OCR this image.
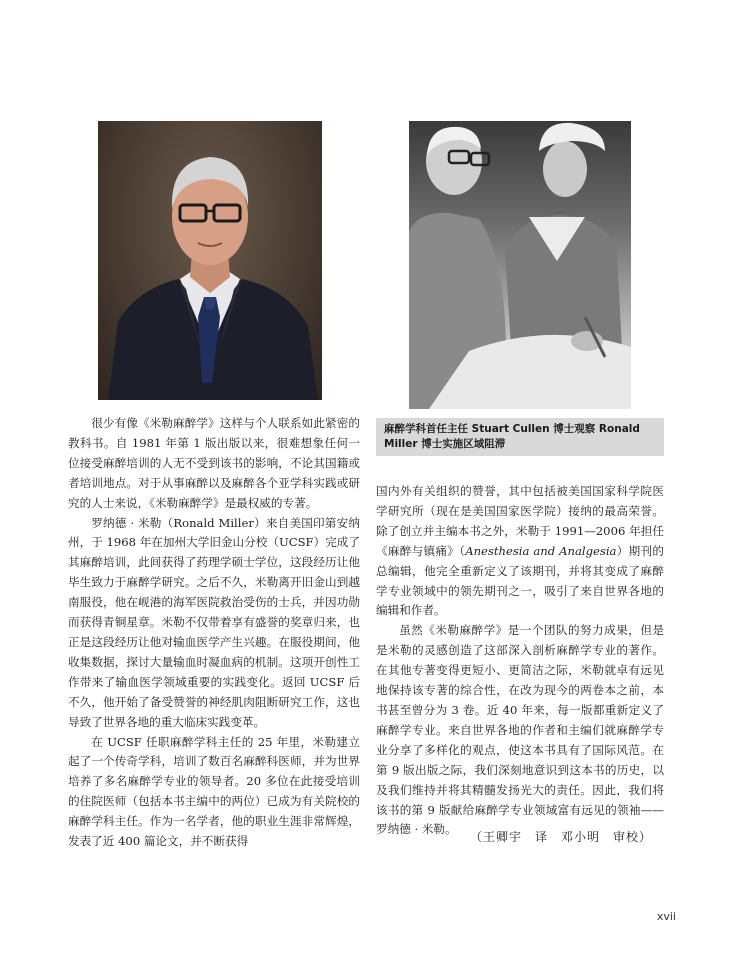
麻醉学科首任主任 Stuart Cullen 博士观察 Ronald Miller 博士实施区域阻滞

很少有像《米勒麻醉学》这样与个人联系如此紧密的教科书。自 1981 年第 1 版出版以来，很难想象任何一位接受麻醉培训的人无不受到该书的影响，不论其国籍或者培训地点。对于从事麻醉以及麻醉各个亚学科实践或研究的人士来说，《米勒麻醉学》是最权威的专著。

罗纳德 · 米勒（Ronald Miller）来自美国印第安纳州，于 1968 年在加州大学旧金山分校（UCSF）完成了其麻醉培训，此间获得了药理学硕士学位，这段经历让他毕生致力于麻醉学研究。之后不久，米勒离开旧金山到越南服役，他在岘港的海军医院救治受伤的士兵，并因功勋而获得青铜星章。米勒不仅带着享有盛誉的奖章归来，也正是这段经历让他对输血医学产生兴趣。在服役期间，他收集数据，探讨大量输血时凝血病的机制。这项开创性工作带来了输血医学领域重要的实践变化。返回 UCSF 后不久，他开始了备受赞誉的神经肌肉阻断研究工作，这也导致了世界各地的重大临床实践变革。

在 UCSF 任职麻醉学科主任的 25 年里，米勒建立起了一个传奇学科，培训了数百名麻醉科医师，并为世界培养了多名麻醉学专业的领导者。20 多位在此接受培训的住院医师（包括本书主编中的两位）已成为有关院校的麻醉学科主任。作为一名学者，他的职业生涯非常辉煌，发表了近 400 篇论文，并不断获得

国内外有关组织的赞誉，其中包括被美国国家科学院医学研究所（现在是美国国家医学院）接纳的最高荣誉。除了创立并主编本书之外，米勒于 1991—2006 年担任《麻醉与镇痛》（Anesthesia and Analgesia）期刊的总编辑，他完全重新定义了该期刊，并将其变成了麻醉学专业领域中的领先期刊之一，吸引了来自世界各地的编辑和作者。

虽然《米勒麻醉学》是一个团队的努力成果，但是是米勒的灵感创造了这部深入剖析麻醉学专业的著作。在其他专著变得更短小、更简洁之际，米勒就卓有远见地保持该专著的综合性，在改为现今的两卷本之前，本书甚至曾分为 3 卷。近 40 年来，每一版都重新定义了麻醉学专业。来自世界各地的作者和主编们就麻醉学专业分享了多样化的观点，使这本书具有了国际风范。在第 9 版出版之际，我们深刻地意识到这本书的历史，以及我们维持并将其精髓发扬光大的责任。因此，我们将该书的第 9 版献给麻醉学专业领域富有远见的领袖——罗纳德 · 米勒。

（王卿宇　译　邓小明　审校）
xvii
